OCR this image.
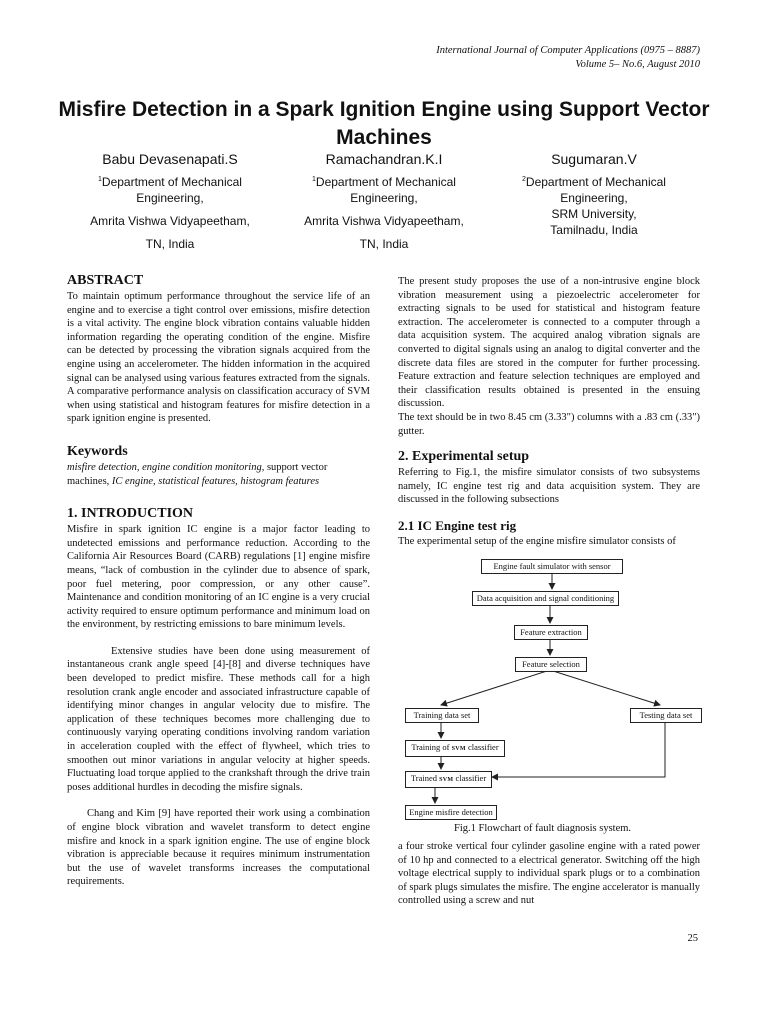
International Journal of Computer Applications (0975 – 8887)
Volume 5– No.6, August 2010
Misfire Detection in a Spark Ignition Engine using Support Vector Machines
Babu Devasenapati.S
$^1$Department of Mechanical
Engineering,
Amrita Vishwa Vidyapeetham,
TN, India
Ramachandran.K.I
$^1$Department of Mechanical
Engineering,
Amrita Vishwa Vidyapeetham,
TN, India
Sugumaran.V
$^2$Department of Mechanical
Engineering,
SRM University,
Tamilnadu, India
ABSTRACT

To maintain optimum performance throughout the service life of an engine and to exercise a tight control over emissions, misfire detection is a vital activity. The engine block vibration contains valuable hidden information regarding the operating condition of the engine. Misfire can be detected by processing the vibration signals acquired from the engine using an accelerometer. The hidden information in the acquired signal can be analysed using various features extracted from the signals. A comparative performance analysis on classification accuracy of SVM when using statistical and histogram features for misfire detection in a spark ignition engine is presented.

Keywords

misfire detection, engine condition monitoring, support vector machines, IC engine, statistical features, histogram features

1. INTRODUCTION

Misfire in spark ignition IC engine is a major factor leading to undetected emissions and performance reduction. According to the California Air Resources Board (CARB) regulations [1] engine misfire means, “lack of combustion in the cylinder due to absence of spark, poor fuel metering, poor compression, or any other cause”. Maintenance and condition monitoring of an IC engine is a very crucial activity required to ensure optimum performance and minimum load on the environment, by restricting emissions to bare minimum levels.

Extensive studies have been done using measurement of instantaneous crank angle speed [4]-[8] and diverse techniques have been developed to predict misfire. These methods call for a high resolution crank angle encoder and associated infrastructure capable of identifying minor changes in angular velocity due to misfire. The application of these techniques becomes more challenging due to continuously varying operating conditions involving random variation in acceleration coupled with the effect of flywheel, which tries to smoothen out minor variations in angular velocity at higher speeds. Fluctuating load torque applied to the crankshaft through the drive train poses additional hurdles in decoding the misfire signals.

Chang and Kim [9] have reported their work using a combination of engine block vibration and wavelet transform to detect engine misfire and knock in a spark ignition engine. The use of engine block vibration is appreciable because it requires minimum instrumentation but the use of wavelet transforms increases the computational requirements.

The present study proposes the use of a non-intrusive engine block vibration measurement using a piezoelectric accelerometer for extracting signals to be used for statistical and histogram feature extraction. The accelerometer is connected to a computer through a data acquisition system. The acquired analog vibration signals are converted to digital signals using an analog to digital converter and the discrete data files are stored in the computer for further processing. Feature extraction and feature selection techniques are employed and their classification results obtained is presented in the ensuing discussion.

The text should be in two 8.45 cm (3.33") columns with a .83 cm (.33") gutter.

2. Experimental setup

Referring to Fig.1, the misfire simulator consists of two subsystems namely, IC engine test rig and data acquisition system. They are discussed in the following subsections

2.1 IC Engine test rig

The experimental setup of the engine misfire simulator consists of

Engine fault simulator with sensor
Data acquisition and signal conditioning
Feature extraction
Feature selection
Training data set	Testing data set
Training of SVM classifier
Trained SVM classifier
Engine misfire detection
Fig.1 Flowchart of fault diagnosis system.

a four stroke vertical four cylinder gasoline engine with a rated power of 10 hp and connected to a electrical generator. Switching off the high voltage electrical supply to individual spark plugs or to a combination of spark plugs simulates the misfire. The engine accelerator is manually controlled using a screw and nut

25
